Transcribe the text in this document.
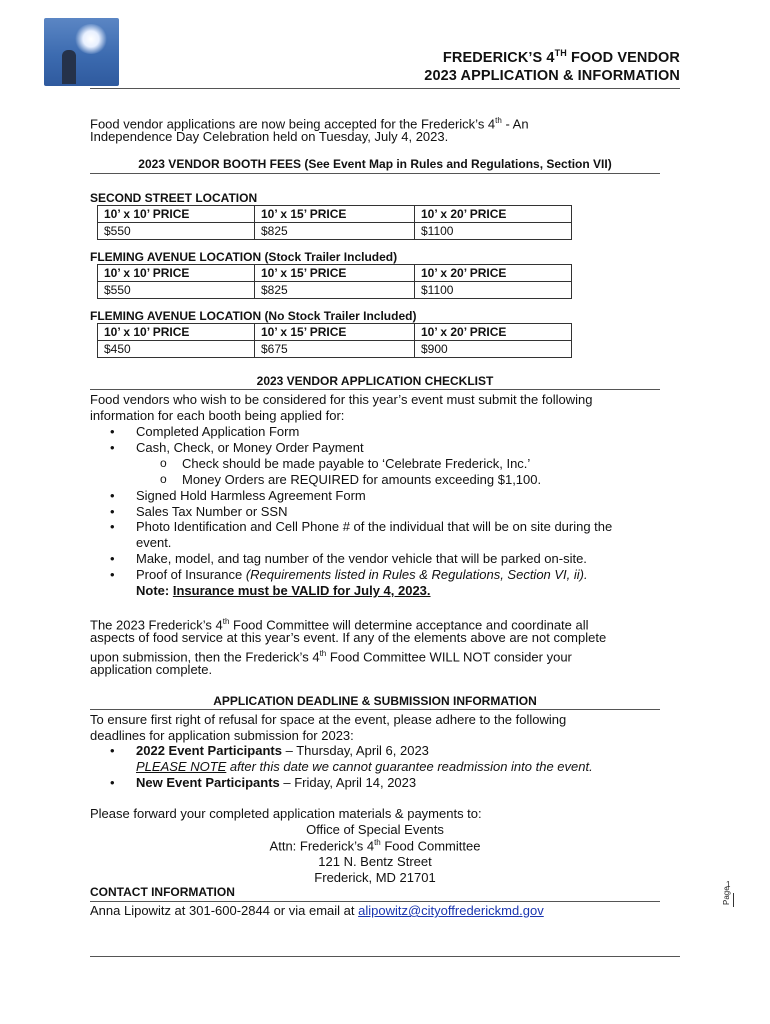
FREDERICK’S 4TH FOOD VENDOR
2023 APPLICATION & INFORMATION
Food vendor applications are now being accepted for the Frederick’s 4th - An
Independence Day Celebration held on Tuesday, July 4, 2023.
2023 VENDOR BOOTH FEES (See Event Map in Rules and Regulations, Section VII)
SECOND STREET LOCATION
10’ x 10’ PRICE	10’ x 15’ PRICE	10’ x 20’ PRICE
$550	$825	$1100
FLEMING AVENUE LOCATION (Stock Trailer Included)
10’ x 10’ PRICE	10’ x 15’ PRICE	10’ x 20’ PRICE
$550	$825	$1100
FLEMING AVENUE LOCATION (No Stock Trailer Included)
10’ x 10’ PRICE	10’ x 15’ PRICE	10’ x 20’ PRICE
$450	$675	$900
2023 VENDOR APPLICATION CHECKLIST
Food vendors who wish to be considered for this year’s event must submit the following
information for each booth being applied for:
• Completed Application Form
• Cash, Check, or Money Order Payment
o Check should be made payable to ‘Celebrate Frederick, Inc.’
o Money Orders are REQUIRED for amounts exceeding $1,100.
• Signed Hold Harmless Agreement Form
• Sales Tax Number or SSN
• Photo Identification and Cell Phone # of the individual that will be on site during the
event.
• Make, model, and tag number of the vendor vehicle that will be parked on-site.
• Proof of Insurance (Requirements listed in Rules & Regulations, Section VI, ii).
Note: Insurance must be VALID for July 4, 2023.
The 2023 Frederick’s 4th Food Committee will determine acceptance and coordinate all
aspects of food service at this year’s event. If any of the elements above are not complete
upon submission, then the Frederick’s 4th Food Committee WILL NOT consider your
application complete.
APPLICATION DEADLINE & SUBMISSION INFORMATION
To ensure first right of refusal for space at the event, please adhere to the following
deadlines for application submission for 2023:
• 2022 Event Participants – Thursday, April 6, 2023
PLEASE NOTE after this date we cannot guarantee readmission into the event.
• New Event Participants – Friday, April 14, 2023
Please forward your completed application materials & payments to:
Office of Special Events
Attn: Frederick’s 4th Food Committee
121 N. Bentz Street
Frederick, MD 21701
CONTACT INFORMATION
Anna Lipowitz at 301-600-2844 or via email at alipowitz@cityoffrederickmd.gov
Page
1
